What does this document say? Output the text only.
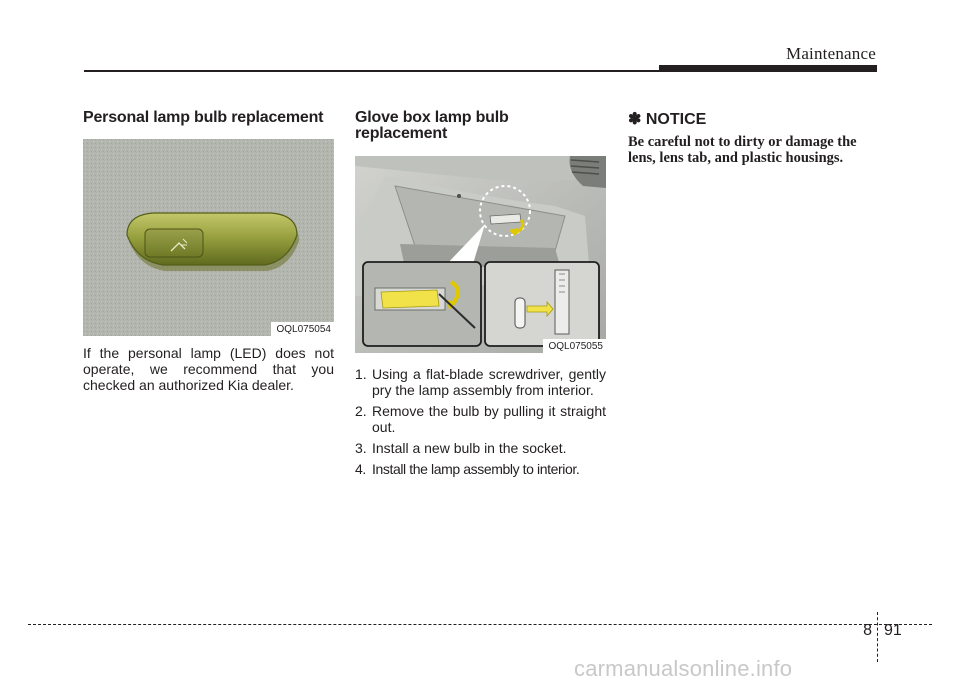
Maintenance
Personal lamp bulb replacement
OQL075054
If the personal lamp (LED) does not operate, we recommend that you checked an authorized Kia dealer.
Glove box lamp bulb
replacement
OQL075055
1. Using a flat-blade screwdriver, gently pry the lamp assembly from interior.
2. Remove the bulb by pulling it straight out.
3. Install a new bulb in the socket.
4. Install the lamp assembly to interior.
✽ NOTICE
Be careful not to dirty or damage the lens, lens tab, and plastic housings.
8 91
carmanualsonline.info
